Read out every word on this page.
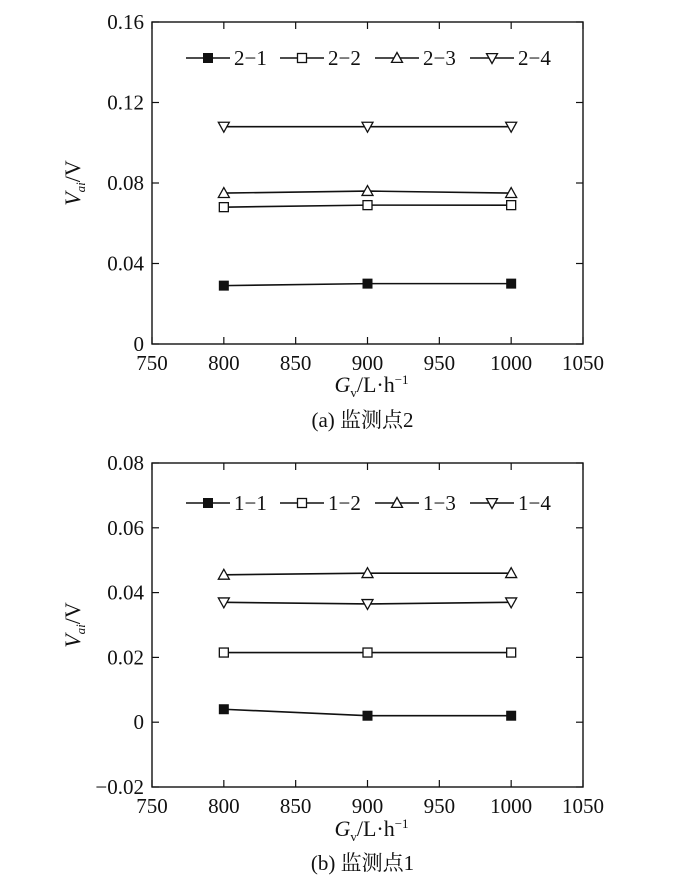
750 800 850 900 950 1000 1050
0
0.04
0.08
0.12
0.16
2−1	2−2	2−3	2−4
$G_v/L\cdot h^{-1}$
$V_{ai}/V$
(a) 监测点2
750 800 850 900 950 1000 1050
−0.02
0
0.02
0.04
0.06
0.08
1−1	1−2	1−3	1−4
$G_v/L\cdot h^{-1}$
$V_{ai}/V$
(b) 监测点1
